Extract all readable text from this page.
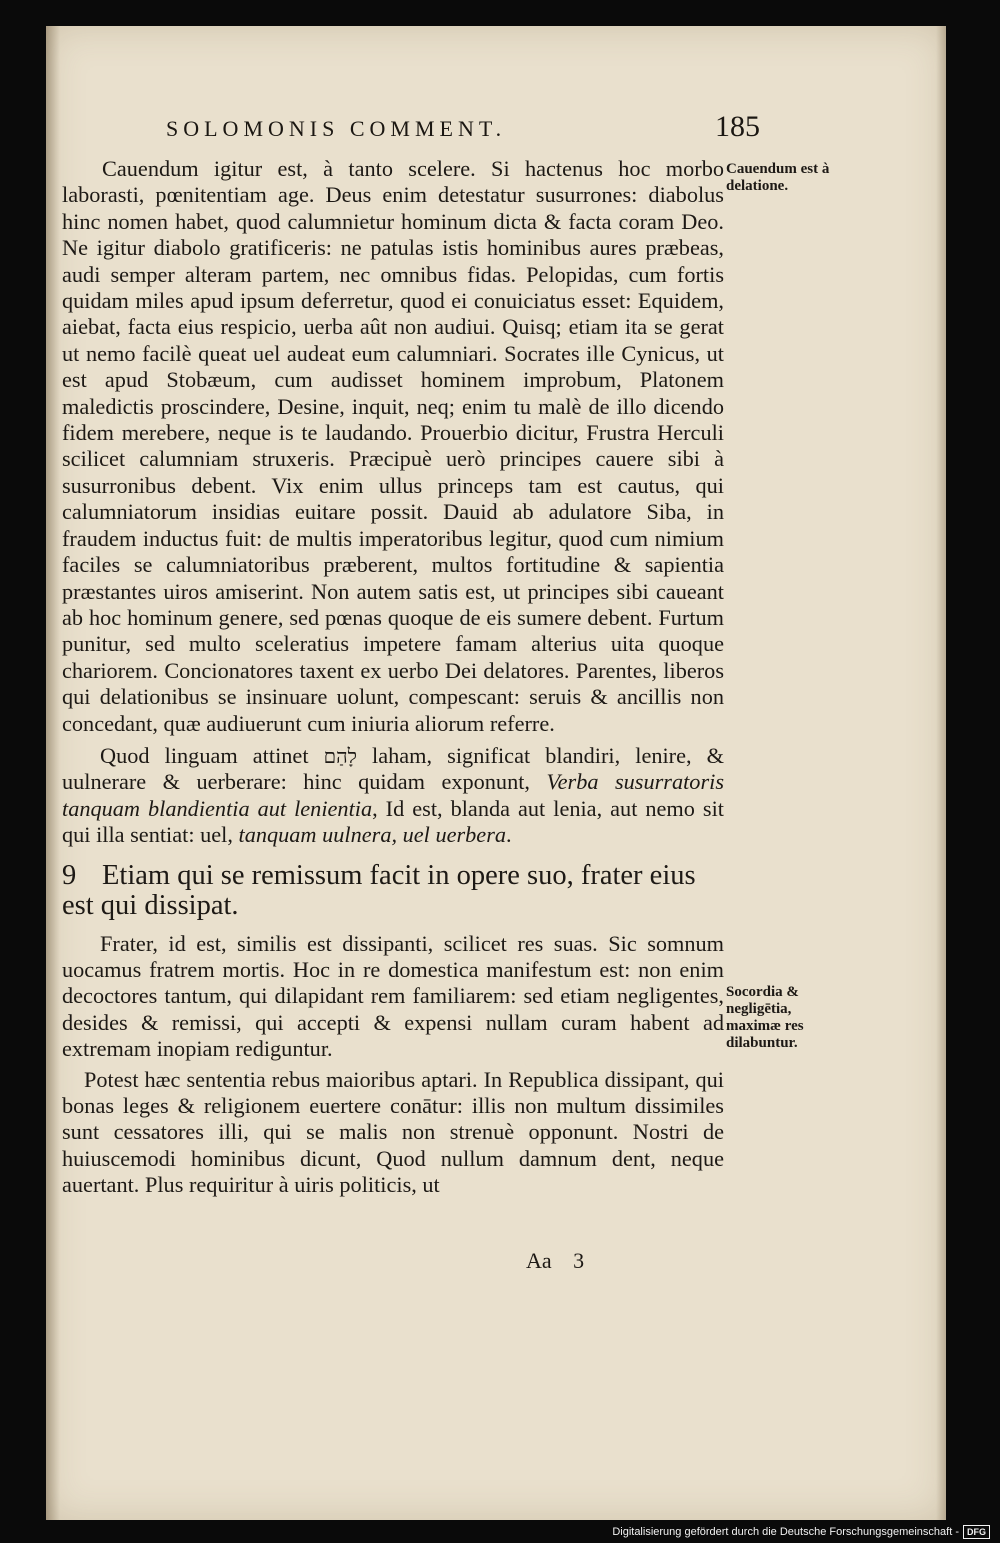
SOLOMONIS COMMENT.	185

Cauendum igitur est, à tanto scelere. Si hactenus hoc morbo laborasti, pœnitentiam age. Deus enim detestatur susurrones: diabolus hinc nomen habet, quod calumnietur hominum dicta & facta coram Deo. Ne igitur diabolo gratificeris: ne patulas istis hominibus aures præbeas, audi semper alteram partem, nec omnibus fidas. Pelopidas, cum fortis quidam miles apud ipsum deferretur, quod ei conuiciatus esset: Equidem, aiebat, facta eius respicio, uerba aût non audiui. Quisq; etiam ita se gerat ut nemo facilè queat uel audeat eum calumniari. Socrates ille Cynicus, ut est apud Stobæum, cum audisset hominem improbum, Platonem maledictis proscindere, Desine, inquit, neq; enim tu malè de illo dicendo fidem merebere, neque is te laudando. Prouerbio dicitur, Frustra Herculi scilicet calumniam struxeris. Præcipuè uerò principes cauere sibi à susurronibus debent. Vix enim ullus princeps tam est cautus, qui calumniatorum insidias euitare possit. Dauid ab adulatore Siba, in fraudem inductus fuit: de multis imperatoribus legitur, quod cum nimium faciles se calumniatoribus præberent, multos fortitudine & sapientia præstantes uiros amiserint. Non autem satis est, ut principes sibi caueant ab hoc hominum genere, sed pœnas quoque de eis sumere debent. Furtum punitur, sed multo sceleratius impetere famam alterius uita quoque chariorem. Concionatores taxent ex uerbo Dei delatores. Parentes, liberos qui delationibus se insinuare uolunt, compescant: seruis & ancillis non concedant, quæ audiuerunt cum iniuria aliorum referre.

Quod linguam attinet לָהַם laham, significat blandiri, lenire, & uulnerare & uerberare: hinc quidam exponunt, Verba susurratoris tanquam blandientia aut lenientia, Id est, blanda aut lenia, aut nemo sit qui illa sentiat: uel, tanquam uulnera, uel uerbera.

9 Etiam qui se remissum facit in opere suo, frater eius est qui dissipat.

Frater, id est, similis est dissipanti, scilicet res suas. Sic somnum uocamus fratrem mortis. Hoc in re domestica manifestum est: non enim decoctores tantum, qui dilapidant rem familiarem: sed etiam negligentes, desides & remissi, qui accepti & expensi nullam curam habent ad extremam inopiam rediguntur.

Potest hæc sententia rebus maioribus aptari. In Republica dissipant, qui bonas leges & religionem euertere conātur: illis non multum dissimiles sunt cessatores illi, qui se malis non strenuè opponunt. Nostri de huiuscemodi hominibus dicunt, Quod nullum damnum dent, neque auertant. Plus requiritur à uiris politicis, ut

Cauendum est à delatione.
Socordia & negligētia, maximæ res dilabuntur.
Aa 3
Digitalisierung gefördert durch die Deutsche Forschungsgemeinschaft - DFG
